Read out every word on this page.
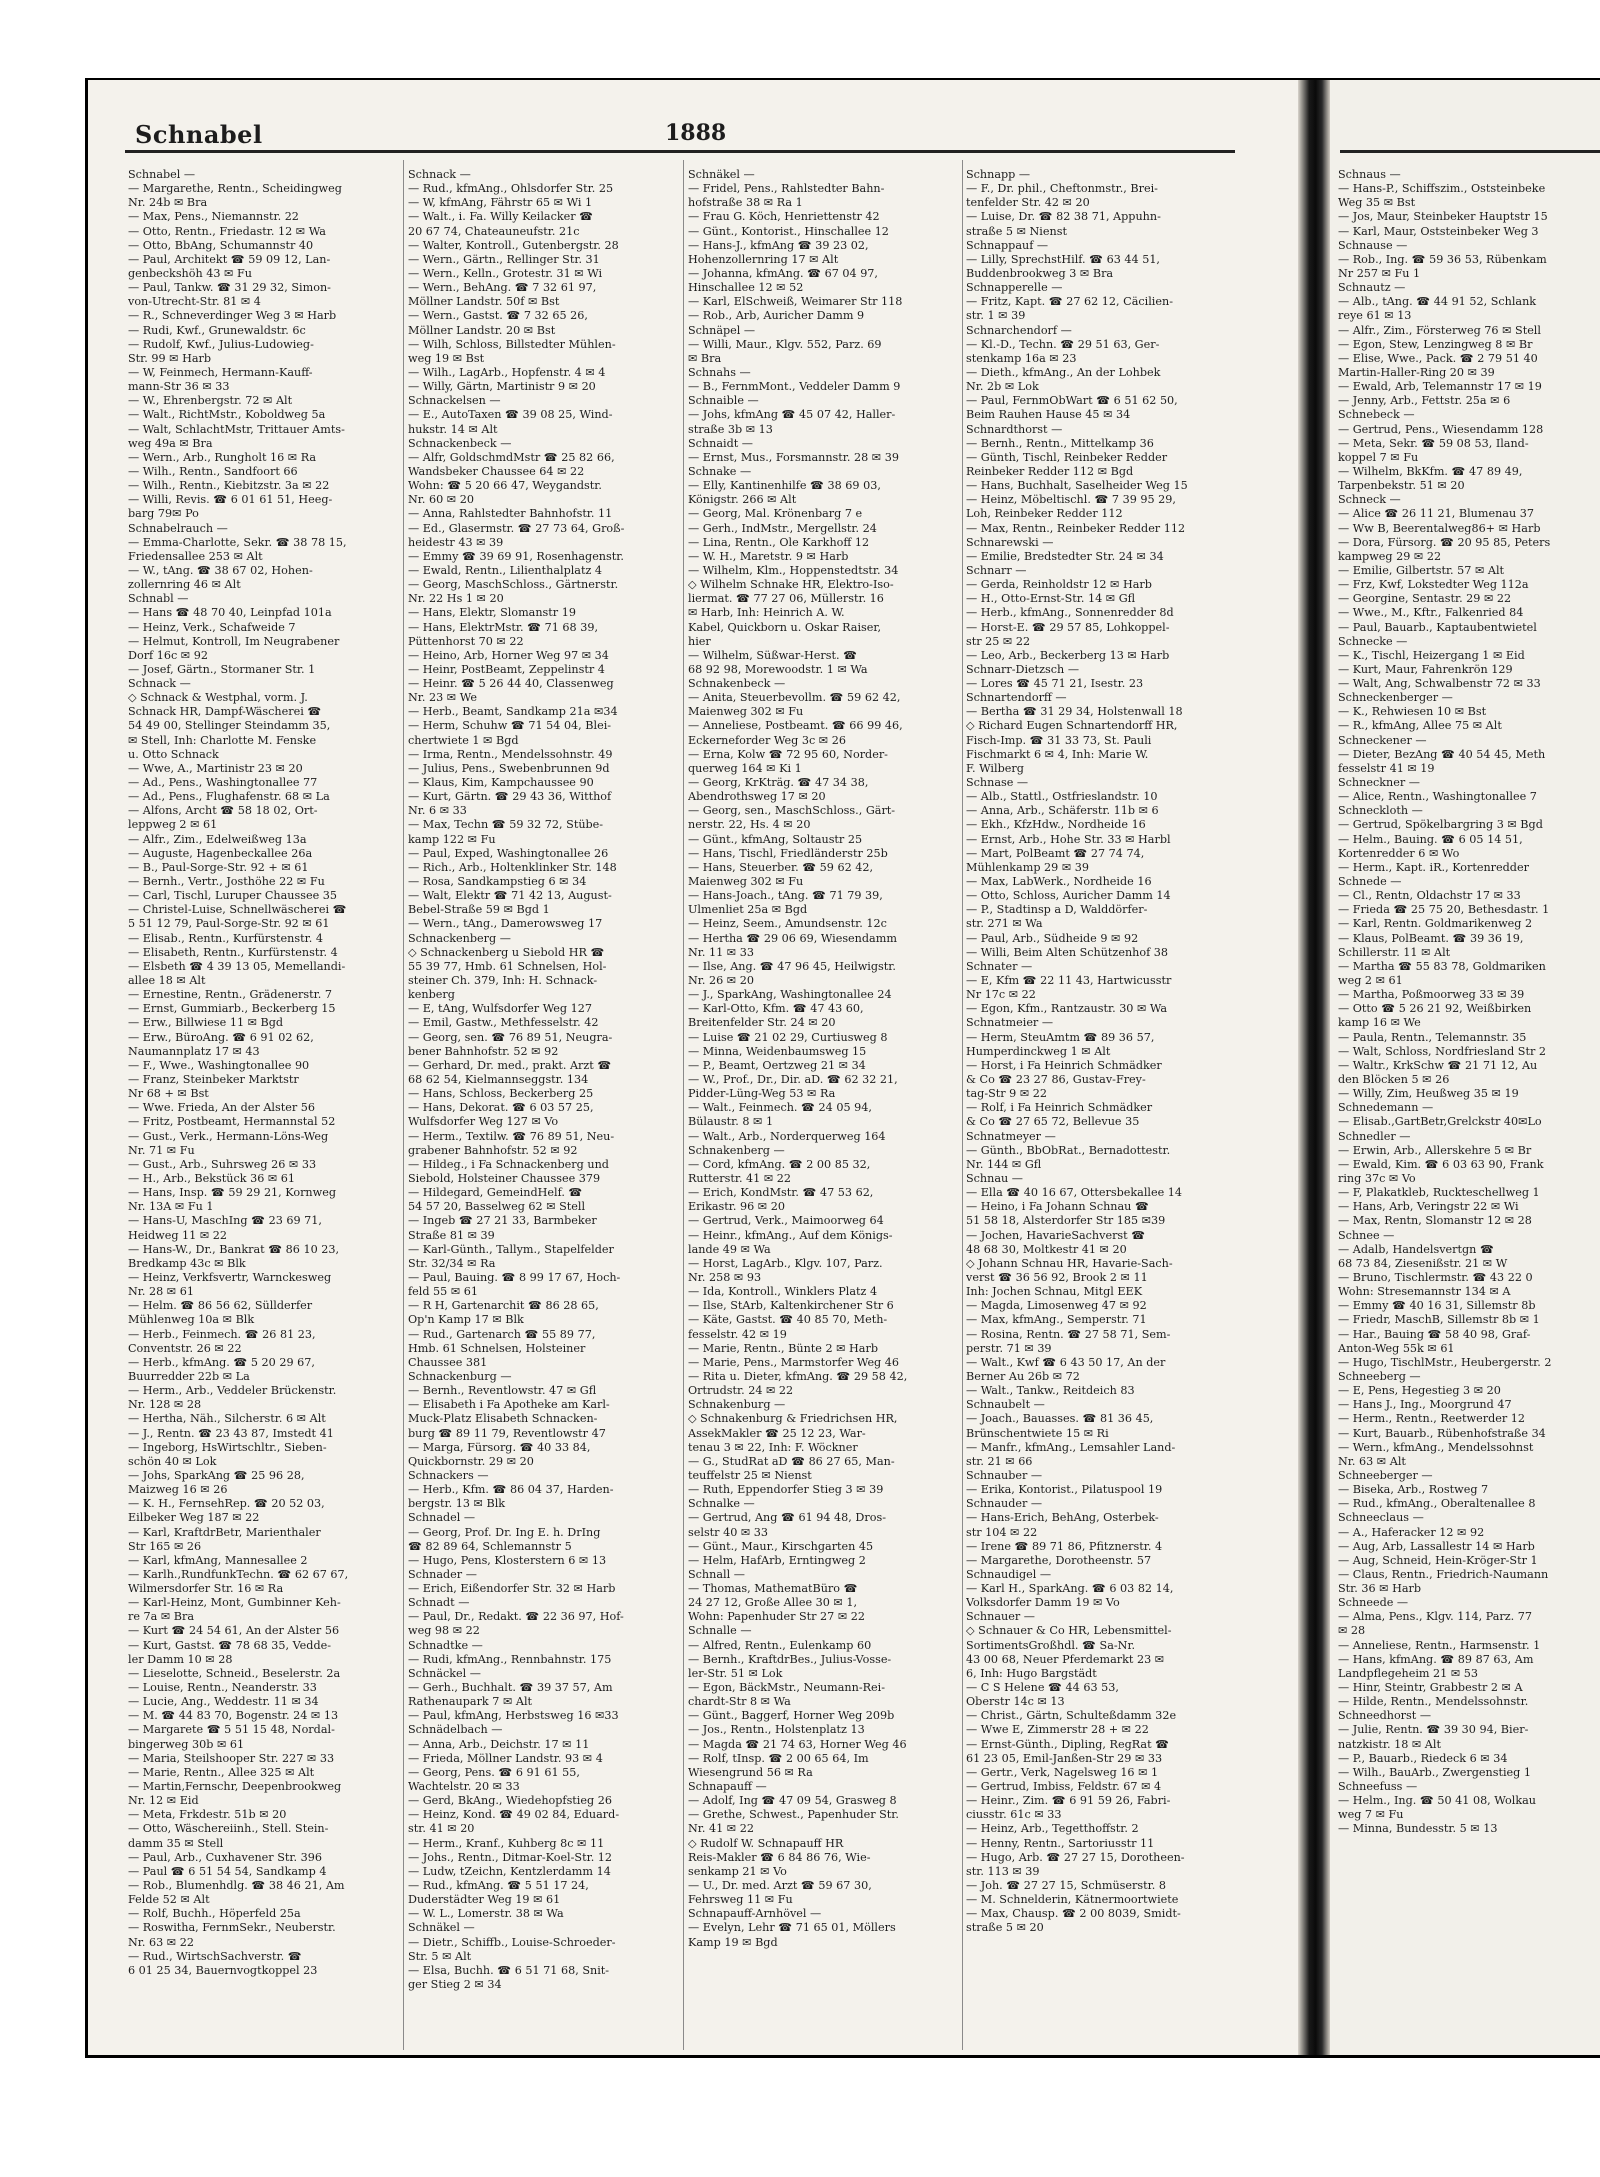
Schnabel	1888
Schnabel —
— Margarethe, Rentn., Scheidingweg
Nr. 24b ✉ Bra
— Max, Pens., Niemannstr. 22
— Otto, Rentn., Friedastr. 12 ✉ Wa
— Otto, BbAng, Schumannstr 40
— Paul, Architekt ☎ 59 09 12, Lan-
genbeckshöh 43 ✉ Fu
— Paul, Tankw. ☎ 31 29 32, Simon-
von-Utrecht-Str. 81 ✉ 4
— R., Schneverdinger Weg 3 ✉ Harb
— Rudi, Kwf., Grunewaldstr. 6c
— Rudolf, Kwf., Julius-Ludowieg-
Str. 99 ✉ Harb
— W, Feinmech, Hermann-Kauff-
mann-Str 36 ✉ 33
— W., Ehrenbergstr. 72 ✉ Alt
— Walt., RichtMstr., Koboldweg 5a
— Walt, SchlachtMstr, Trittauer Amts-
weg 49a ✉ Bra
— Wern., Arb., Rungholt 16 ✉ Ra
— Wilh., Rentn., Sandfoort 66
— Wilh., Rentn., Kiebitzstr. 3a ✉ 22
— Willi, Revis. ☎ 6 01 61 51, Heeg-
barg 79✉ Po
Schnabelrauch —
— Emma-Charlotte, Sekr. ☎ 38 78 15,
Friedensallee 253 ✉ Alt
— W., tAng. ☎ 38 67 02, Hohen-
zollernring 46 ✉ Alt
Schnabl —
— Hans ☎ 48 70 40, Leinpfad 101a
— Heinz, Verk., Schafweide 7
— Helmut, Kontroll, Im Neugrabener
Dorf 16c ✉ 92
— Josef, Gärtn., Stormaner Str. 1
Schnack —
◇ Schnack & Westphal, vorm. J.
Schnack HR, Dampf-Wäscherei ☎
54 49 00, Stellinger Steindamm 35,
✉ Stell, Inh: Charlotte M. Fenske
u. Otto Schnack
— Wwe, A., Martinistr 23 ✉ 20
— Ad., Pens., Washingtonallee 77
— Ad., Pens., Flughafenstr. 68 ✉ La
— Alfons, Archt ☎ 58 18 02, Ort-
leppweg 2 ✉ 61
— Alfr., Zim., Edelweißweg 13a
— Auguste, Hagenbeckallee 26a
— B., Paul-Sorge-Str. 92 + ✉ 61
— Bernh., Vertr., Josthöhe 22 ✉ Fu
— Carl, Tischl, Luruper Chaussee 35
— Christel-Luise, Schnellwäscherei ☎
5 51 12 79, Paul-Sorge-Str. 92 ✉ 61
— Elisab., Rentn., Kurfürstenstr. 4
— Elisabeth, Rentn., Kurfürstenstr. 4
— Elsbeth ☎ 4 39 13 05, Memellandi-
allee 18 ✉ Alt
— Ernestine, Rentn., Grädenerstr. 7
— Ernst, Gummiarb., Beckerberg 15
— Erw., Billwiese 11 ✉ Bgd
— Erw., BüroAng. ☎ 6 91 02 62,
Naumannplatz 17 ✉ 43
— F., Wwe., Washingtonallee 90
— Franz, Steinbeker Marktstr
Nr 68 + ✉ Bst
— Wwe. Frieda, An der Alster 56
— Fritz, Postbeamt, Hermannstal 52
— Gust., Verk., Hermann-Löns-Weg
Nr. 71 ✉ Fu
— Gust., Arb., Suhrsweg 26 ✉ 33
— H., Arb., Bekstück 36 ✉ 61
— Hans, Insp. ☎ 59 29 21, Kornweg
Nr. 13A ✉ Fu 1
— Hans-U, MaschIng ☎ 23 69 71,
Heidweg 11 ✉ 22
— Hans-W., Dr., Bankrat ☎ 86 10 23,
Bredkamp 43c ✉ Blk
— Heinz, Verkfsvertr, Warnckesweg
Nr. 28 ✉ 61
— Helm. ☎ 86 56 62, Süllderfer
Mühlenweg 10a ✉ Blk
— Herb., Feinmech. ☎ 26 81 23,
Conventstr. 26 ✉ 22
— Herb., kfmAng. ☎ 5 20 29 67,
Buurredder 22b ✉ La
— Herm., Arb., Veddeler Brückenstr.
Nr. 128 ✉ 28
— Hertha, Näh., Silcherstr. 6 ✉ Alt
— J., Rentn. ☎ 23 43 87, Imstedt 41
— Ingeborg, HsWirtschltr., Sieben-
schön 40 ✉ Lok
— Johs, SparkAng ☎ 25 96 28,
Maizweg 16 ✉ 26
— K. H., FernsehRep. ☎ 20 52 03,
Eilbeker Weg 187 ✉ 22
— Karl, KraftdrBetr, Marienthaler
Str 165 ✉ 26
— Karl, kfmAng, Mannesallee 2
— Karlh.,RundfunkTechn. ☎ 62 67 67,
Wilmersdorfer Str. 16 ✉ Ra
— Karl-Heinz, Mont, Gumbinner Keh-
re 7a ✉ Bra
— Kurt ☎ 24 54 61, An der Alster 56
— Kurt, Gastst. ☎ 78 68 35, Vedde-
ler Damm 10 ✉ 28
— Lieselotte, Schneid., Beselerstr. 2a
— Louise, Rentn., Neanderstr. 33
— Lucie, Ang., Weddestr. 11 ✉ 34
— M. ☎ 44 83 70, Bogenstr. 24 ✉ 13
— Margarete ☎ 5 51 15 48, Nordal-
bingerweg 30b ✉ 61
— Maria, Steilshooper Str. 227 ✉ 33
— Marie, Rentn., Allee 325 ✉ Alt
— Martin,Fernschr, Deepenbrookweg
Nr. 12 ✉ Eid
— Meta, Frkdestr. 51b ✉ 20
— Otto, Wäschereiinh., Stell. Stein-
damm 35 ✉ Stell
— Paul, Arb., Cuxhavener Str. 396
— Paul ☎ 6 51 54 54, Sandkamp 4
— Rob., Blumenhdlg. ☎ 38 46 21, Am
Felde 52 ✉ Alt
— Rolf, Buchh., Höperfeld 25a
— Roswitha, FernmSekr., Neuberstr.
Nr. 63 ✉ 22
— Rud., WirtschSachverstr. ☎
6 01 25 34, Bauernvogtkoppel 23
Schnack —
— Rud., kfmAng., Ohlsdorfer Str. 25
— W, kfmAng, Fährstr 65 ✉ Wi 1
— Walt., i. Fa. Willy Keilacker ☎
20 67 74, Chateauneufstr. 21c
— Walter, Kontroll., Gutenbergstr. 28
— Wern., Gärtn., Rellinger Str. 31
— Wern., Kelln., Grotestr. 31 ✉ Wi
— Wern., BehAng. ☎ 7 32 61 97,
Möllner Landstr. 50f ✉ Bst
— Wern., Gastst. ☎ 7 32 65 26,
Möllner Landstr. 20 ✉ Bst
— Wilh, Schloss, Billstedter Mühlen-
weg 19 ✉ Bst
— Wilh., LagArb., Hopfenstr. 4 ✉ 4
— Willy, Gärtn, Martinistr 9 ✉ 20
Schnackelsen —
— E., AutoTaxen ☎ 39 08 25, Wind-
hukstr. 14 ✉ Alt
Schnackenbeck —
— Alfr, GoldschmdMstr ☎ 25 82 66,
Wandsbeker Chaussee 64 ✉ 22
Wohn: ☎ 5 20 66 47, Weygandstr.
Nr. 60 ✉ 20
— Anna, Rahlstedter Bahnhofstr. 11
— Ed., Glasermstr. ☎ 27 73 64, Groß-
heidestr 43 ✉ 39
— Emmy ☎ 39 69 91, Rosenhagenstr.
— Ewald, Rentn., Lilienthalplatz 4
— Georg, MaschSchloss., Gärtnerstr.
Nr. 22 Hs 1 ✉ 20
— Hans, Elektr, Slomanstr 19
— Hans, ElektrMstr. ☎ 71 68 39,
Püttenhorst 70 ✉ 22
— Heino, Arb, Horner Weg 97 ✉ 34
— Heinr, PostBeamt, Zeppelinstr 4
— Heinr. ☎ 5 26 44 40, Classenweg
Nr. 23 ✉ We
— Herb., Beamt, Sandkamp 21a ✉34
— Herm, Schuhw ☎ 71 54 04, Blei-
chertwiete 1 ✉ Bgd
— Irma, Rentn., Mendelssohnstr. 49
— Julius, Pens., Swebenbrunnen 9d
— Klaus, Kim, Kampchaussee 90
— Kurt, Gärtn. ☎ 29 43 36, Witthof
Nr. 6 ✉ 33
— Max, Techn ☎ 59 32 72, Stübe-
kamp 122 ✉ Fu
— Paul, Exped, Washingtonallee 26
— Rich., Arb., Holtenklinker Str. 148
— Rosa, Sandkampstieg 6 ✉ 34
— Walt, Elektr ☎ 71 42 13, August-
Bebel-Straße 59 ✉ Bgd 1
— Wern., tAng., Damerowsweg 17
Schnackenberg —
◇ Schnackenberg u Siebold HR ☎
55 39 77, Hmb. 61 Schnelsen, Hol-
steiner Ch. 379, Inh: H. Schnack-
kenberg
— E, tAng, Wulfsdorfer Weg 127
— Emil, Gastw., Methfesselstr. 42
— Georg, sen. ☎ 76 89 51, Neugra-
bener Bahnhofstr. 52 ✉ 92
— Gerhard, Dr. med., prakt. Arzt ☎
68 62 54, Kielmannseggstr. 134
— Hans, Schloss, Beckerberg 25
— Hans, Dekorat. ☎ 6 03 57 25,
Wulfsdorfer Weg 127 ✉ Vo
— Herm., Textilw. ☎ 76 89 51, Neu-
grabener Bahnhofstr. 52 ✉ 92
— Hildeg., i Fa Schnackenberg und
Siebold, Holsteiner Chaussee 379
— Hildegard, GemeindHelf. ☎
54 57 20, Basselweg 62 ✉ Stell
— Ingeb ☎ 27 21 33, Barmbeker
Straße 81 ✉ 39
— Karl-Günth., Tallym., Stapelfelder
Str. 32/34 ✉ Ra
— Paul, Bauing. ☎ 8 99 17 67, Hoch-
feld 55 ✉ 61
— R H, Gartenarchit ☎ 86 28 65,
Op'n Kamp 17 ✉ Blk
— Rud., Gartenarch ☎ 55 89 77,
Hmb. 61 Schnelsen, Holsteiner
Chaussee 381
Schnackenburg —
— Bernh., Reventlowstr. 47 ✉ Gfl
— Elisabeth i Fa Apotheke am Karl-
Muck-Platz Elisabeth Schnacken-
burg ☎ 89 11 79, Reventlowstr 47
— Marga, Fürsorg. ☎ 40 33 84,
Quickbornstr. 29 ✉ 20
Schnackers —
— Herb., Kfm. ☎ 86 04 37, Harden-
bergstr. 13 ✉ Blk
Schnadel —
— Georg, Prof. Dr. Ing E. h. DrIng
☎ 82 89 64, Schlemannstr 5
— Hugo, Pens, Klosterstern 6 ✉ 13
Schnader —
— Erich, Eißendorfer Str. 32 ✉ Harb
Schnadt —
— Paul, Dr., Redakt. ☎ 22 36 97, Hof-
weg 98 ✉ 22
Schnadtke —
— Rudi, kfmAng., Rennbahnstr. 175
Schnäckel —
— Gerh., Buchhalt. ☎ 39 37 57, Am
Rathenaupark 7 ✉ Alt
— Paul, kfmAng, Herbstsweg 16 ✉33
Schnädelbach —
— Anna, Arb., Deichstr. 17 ✉ 11
— Frieda, Möllner Landstr. 93 ✉ 4
— Georg, Pens. ☎ 6 91 61 55,
Wachtelstr. 20 ✉ 33
— Gerd, BkAng., Wiedehopfstieg 26
— Heinz, Kond. ☎ 49 02 84, Eduard-
str. 41 ✉ 20
— Herm., Kranf., Kuhberg 8c ✉ 11
— Johs., Rentn., Ditmar-Koel-Str. 12
— Ludw, tZeichn, Kentzlerdamm 14
— Rud., kfmAng. ☎ 5 51 17 24,
Duderstädter Weg 19 ✉ 61
— W. L., Lomerstr. 38 ✉ Wa
Schnäkel —
— Dietr., Schiffb., Louise-Schroeder-
Str. 5 ✉ Alt
— Elsa, Buchh. ☎ 6 51 71 68, Snit-
ger Stieg 2 ✉ 34
Schnäkel —
— Fridel, Pens., Rahlstedter Bahn-
hofstraße 38 ✉ Ra 1
— Frau G. Köch, Henriettenstr 42
— Günt., Kontorist., Hinschallee 12
— Hans-J., kfmAng ☎ 39 23 02,
Hohenzollernring 17 ✉ Alt
— Johanna, kfmAng. ☎ 67 04 97,
Hinschallee 12 ✉ 52
— Karl, ElSchweiß, Weimarer Str 118
— Rob., Arb, Auricher Damm 9
Schnäpel —
— Willi, Maur., Klgv. 552, Parz. 69
✉ Bra
Schnahs —
— B., FernmMont., Veddeler Damm 9
Schnaible —
— Johs, kfmAng ☎ 45 07 42, Haller-
straße 3b ✉ 13
Schnaidt —
— Ernst, Mus., Forsmannstr. 28 ✉ 39
Schnake —
— Elly, Kantinenhilfe ☎ 38 69 03,
Königstr. 266 ✉ Alt
— Georg, Mal. Krönenbarg 7 e
— Gerh., IndMstr., Mergellstr. 24
— Lina, Rentn., Ole Karkhoff 12
— W. H., Maretstr. 9 ✉ Harb
— Wilhelm, Klm., Hoppenstedtstr. 34
◇ Wilhelm Schnake HR, Elektro-Iso-
liermat. ☎ 77 27 06, Müllerstr. 16
✉ Harb, Inh: Heinrich A. W.
Kabel, Quickborn u. Oskar Raiser,
hier
— Wilhelm, Süßwar-Herst. ☎
68 92 98, Morewoodstr. 1 ✉ Wa
Schnakenbeck —
— Anita, Steuerbevollm. ☎ 59 62 42,
Maienweg 302 ✉ Fu
— Anneliese, Postbeamt. ☎ 66 99 46,
Eckerneforder Weg 3c ✉ 26
— Erna, Kolw ☎ 72 95 60, Norder-
querweg 164 ✉ Ki 1
— Georg, KrKträg. ☎ 47 34 38,
Abendrothsweg 17 ✉ 20
— Georg, sen., MaschSchloss., Gärt-
nerstr. 22, Hs. 4 ✉ 20
— Günt., kfmAng, Soltaustr 25
— Hans, Tischl, Friedländerstr 25b
— Hans, Steuerber. ☎ 59 62 42,
Maienweg 302 ✉ Fu
— Hans-Joach., tAng. ☎ 71 79 39,
Ulmenliet 25a ✉ Bgd
— Heinz, Seem., Amundsenstr. 12c
— Hertha ☎ 29 06 69, Wiesendamm
Nr. 11 ✉ 33
— Ilse, Ang. ☎ 47 96 45, Heilwigstr.
Nr. 26 ✉ 20
— J., SparkAng, Washingtonallee 24
— Karl-Otto, Kfm. ☎ 47 43 60,
Breitenfelder Str. 24 ✉ 20
— Luise ☎ 21 02 29, Curtiusweg 8
— Minna, Weidenbaumsweg 15
— P., Beamt, Oertzweg 21 ✉ 34
— W., Prof., Dr., Dir. aD. ☎ 62 32 21,
Pidder-Lüng-Weg 53 ✉ Ra
— Walt., Feinmech. ☎ 24 05 94,
Bülaustr. 8 ✉ 1
— Walt., Arb., Norderquerweg 164
Schnakenberg —
— Cord, kfmAng. ☎ 2 00 85 32,
Rutterstr. 41 ✉ 22
— Erich, KondMstr. ☎ 47 53 62,
Erikastr. 96 ✉ 20
— Gertrud, Verk., Maimoorweg 64
— Heinr., kfmAng., Auf dem Königs-
lande 49 ✉ Wa
— Horst, LagArb., Klgv. 107, Parz.
Nr. 258 ✉ 93
— Ida, Kontroll., Winklers Platz 4
— Ilse, StArb, Kaltenkirchener Str 6
— Käte, Gastst. ☎ 40 85 70, Meth-
fesselstr. 42 ✉ 19
— Marie, Rentn., Bünte 2 ✉ Harb
— Marie, Pens., Marmstorfer Weg 46
— Rita u. Dieter, kfmAng. ☎ 29 58 42,
Ortrudstr. 24 ✉ 22
Schnakenburg —
◇ Schnakenburg & Friedrichsen HR,
AssekMakler ☎ 25 12 23, War-
tenau 3 ✉ 22, Inh: F. Wöckner
— G., StudRat aD ☎ 86 27 65, Man-
teuffelstr 25 ✉ Nienst
— Ruth, Eppendorfer Stieg 3 ✉ 39
Schnalke —
— Gertrud, Ang ☎ 61 94 48, Dros-
selstr 40 ✉ 33
— Günt., Maur., Kirschgarten 45
— Helm, HafArb, Erntingweg 2
Schnall —
— Thomas, MathematBüro ☎
24 27 12, Große Allee 30 ✉ 1,
Wohn: Papenhuder Str 27 ✉ 22
Schnalle —
— Alfred, Rentn., Eulenkamp 60
— Bernh., KraftdrBes., Julius-Vosse-
ler-Str. 51 ✉ Lok
— Egon, BäckMstr., Neumann-Rei-
chardt-Str 8 ✉ Wa
— Günt., Baggerf, Horner Weg 209b
— Jos., Rentn., Holstenplatz 13
— Magda ☎ 21 74 63, Horner Weg 46
— Rolf, tInsp. ☎ 2 00 65 64, Im
Wiesengrund 56 ✉ Ra
Schnapauff —
— Adolf, Ing ☎ 47 09 54, Grasweg 8
— Grethe, Schwest., Papenhuder Str.
Nr. 41 ✉ 22
◇ Rudolf W. Schnapauff HR
Reis-Makler ☎ 6 84 86 76, Wie-
senkamp 21 ✉ Vo
— U., Dr. med. Arzt ☎ 59 67 30,
Fehrsweg 11 ✉ Fu
Schnapauff-Arnhövel —
— Evelyn, Lehr ☎ 71 65 01, Möllers
Kamp 19 ✉ Bgd
Schnapp —
— F., Dr. phil., Cheftonmstr., Brei-
tenfelder Str. 42 ✉ 20
— Luise, Dr. ☎ 82 38 71, Appuhn-
straße 5 ✉ Nienst
Schnappauf —
— Lilly, SprechstHilf. ☎ 63 44 51,
Buddenbrookweg 3 ✉ Bra
Schnapperelle —
— Fritz, Kapt. ☎ 27 62 12, Cäcilien-
str. 1 ✉ 39
Schnarchendorf —
— Kl.-D., Techn. ☎ 29 51 63, Ger-
stenkamp 16a ✉ 23
— Dieth., kfmAng., An der Lohbek
Nr. 2b ✉ Lok
— Paul, FernmObWart ☎ 6 51 62 50,
Beim Rauhen Hause 45 ✉ 34
Schnardthorst —
— Bernh., Rentn., Mittelkamp 36
— Günth, Tischl, Reinbeker Redder
Reinbeker Redder 112 ✉ Bgd
— Hans, Buchhalt, Saselheider Weg 15
— Heinz, Möbeltischl. ☎ 7 39 95 29,
Loh, Reinbeker Redder 112
— Max, Rentn., Reinbeker Redder 112
Schnarewski —
— Emilie, Bredstedter Str. 24 ✉ 34
Schnarr —
— Gerda, Reinholdstr 12 ✉ Harb
— H., Otto-Ernst-Str. 14 ✉ Gfl
— Herb., kfmAng., Sonnenredder 8d
— Horst-E. ☎ 29 57 85, Lohkoppel-
str 25 ✉ 22
— Leo, Arb., Beckerberg 13 ✉ Harb
Schnarr-Dietzsch —
— Lores ☎ 45 71 21, Isestr. 23
Schnartendorff —
— Bertha ☎ 31 29 34, Holstenwall 18
◇ Richard Eugen Schnartendorff HR,
Fisch-Imp. ☎ 31 33 73, St. Pauli
Fischmarkt 6 ✉ 4, Inh: Marie W.
F. Wilberg
Schnase —
— Alb., Stattl., Ostfrieslandstr. 10
— Anna, Arb., Schäferstr. 11b ✉ 6
— Ekh., KfzHdw., Nordheide 16
— Ernst, Arb., Hohe Str. 33 ✉ Harbl
— Mart, PolBeamt ☎ 27 74 74,
Mühlenkamp 29 ✉ 39
— Max, LabWerk., Nordheide 16
— Otto, Schloss, Auricher Damm 14
— P., Stadtinsp a D, Walddörfer-
str. 271 ✉ Wa
— Paul, Arb., Südheide 9 ✉ 92
— Willi, Beim Alten Schützenhof 38
Schnater —
— E, Kfm ☎ 22 11 43, Hartwicusstr
Nr 17c ✉ 22
— Egon, Kfm., Rantzaustr. 30 ✉ Wa
Schnatmeier —
— Herm, SteuAmtm ☎ 89 36 57,
Humperdinckweg 1 ✉ Alt
— Horst, i Fa Heinrich Schmädker
& Co ☎ 23 27 86, Gustav-Frey-
tag-Str 9 ✉ 22
— Rolf, i Fa Heinrich Schmädker
& Co ☎ 27 65 72, Bellevue 35
Schnatmeyer —
— Günth., BbObRat., Bernadottestr.
Nr. 144 ✉ Gfl
Schnau —
— Ella ☎ 40 16 67, Ottersbekallee 14
— Heino, i Fa Johann Schnau ☎
51 58 18, Alsterdorfer Str 185 ✉39
— Jochen, HavarieSachverst ☎
48 68 30, Moltkestr 41 ✉ 20
◇ Johann Schnau HR, Havarie-Sach-
verst ☎ 36 56 92, Brook 2 ✉ 11
Inh: Jochen Schnau, Mitgl EEK
— Magda, Limosenweg 47 ✉ 92
— Max, kfmAng., Semperstr. 71
— Rosina, Rentn. ☎ 27 58 71, Sem-
perstr. 71 ✉ 39
— Walt., Kwf ☎ 6 43 50 17, An der
Berner Au 26b ✉ 72
— Walt., Tankw., Reitdeich 83
Schnaubelt —
— Joach., Bauasses. ☎ 81 36 45,
Brünschentwiete 15 ✉ Ri
— Manfr., kfmAng., Lemsahler Land-
str. 21 ✉ 66
Schnauber —
— Erika, Kontorist., Pilatuspool 19
Schnauder —
— Hans-Erich, BehAng, Osterbek-
str 104 ✉ 22
— Irene ☎ 89 71 86, Pfitznerstr. 4
— Margarethe, Dorotheenstr. 57
Schnaudigel —
— Karl H., SparkAng. ☎ 6 03 82 14,
Volksdorfer Damm 19 ✉ Vo
Schnauer —
◇ Schnauer & Co HR, Lebensmittel-
SortimentsGroßhdl. ☎ Sa-Nr.
43 00 68, Neuer Pferdemarkt 23 ✉
6, Inh: Hugo Bargstädt
— C S Helene ☎ 44 63 53,
Oberstr 14c ✉ 13
— Christ., Gärtn, Schulteßdamm 32e
— Wwe E, Zimmerstr 28 + ✉ 22
— Ernst-Günth., Dipling, RegRat ☎
61 23 05, Emil-Janßen-Str 29 ✉ 33
— Gertr., Verk, Nagelsweg 16 ✉ 1
— Gertrud, Imbiss, Feldstr. 67 ✉ 4
— Heinr., Zim. ☎ 6 91 59 26, Fabri-
ciusstr. 61c ✉ 33
— Heinz, Arb., Tegetthoffstr. 2
— Henny, Rentn., Sartoriusstr 11
— Hugo, Arb. ☎ 27 27 15, Dorotheen-
str. 113 ✉ 39
— Joh. ☎ 27 27 15, Schmüserstr. 8
— M. Schnelderin, Kätnermoortwiete
— Max, Chausp. ☎ 2 00 8039, Smidt-
straße 5 ✉ 20
Schnaus —
— Hans-P., Schiffszim., Oststeinbeke
Weg 35 ✉ Bst
— Jos, Maur, Steinbeker Hauptstr 15
— Karl, Maur, Oststeinbeker Weg 3
Schnause —
— Rob., Ing. ☎ 59 36 53, Rübenkam
Nr 257 ✉ Fu 1
Schnautz —
— Alb., tAng. ☎ 44 91 52, Schlank
reye 61 ✉ 13
— Alfr., Zim., Försterweg 76 ✉ Stell
— Egon, Stew, Lenzingweg 8 ✉ Br
— Elise, Wwe., Pack. ☎ 2 79 51 40
Martin-Haller-Ring 20 ✉ 39
— Ewald, Arb, Telemannstr 17 ✉ 19
— Jenny, Arb., Fettstr. 25a ✉ 6
Schnebeck —
— Gertrud, Pens., Wiesendamm 128
— Meta, Sekr. ☎ 59 08 53, Iland-
koppel 7 ✉ Fu
— Wilhelm, BkKfm. ☎ 47 89 49,
Tarpenbekstr. 51 ✉ 20
Schneck —
— Alice ☎ 26 11 21, Blumenau 37
— Ww B, Beerentalweg86+ ✉ Harb
— Dora, Fürsorg. ☎ 20 95 85, Peters
kampweg 29 ✉ 22
— Emilie, Gilbertstr. 57 ✉ Alt
— Frz, Kwf, Lokstedter Weg 112a
— Georgine, Sentastr. 29 ✉ 22
— Wwe., M., Kftr., Falkenried 84
— Paul, Bauarb., Kaptaubentwietel
Schnecke —
— K., Tischl, Heizergang 1 ✉ Eid
— Kurt, Maur, Fahrenkrön 129
— Walt, Ang, Schwalbenstr 72 ✉ 33
Schneckenberger —
— K., Rehwiesen 10 ✉ Bst
— R., kfmAng, Allee 75 ✉ Alt
Schneckener —
— Dieter, BezAng ☎ 40 54 45, Meth
fesselstr 41 ✉ 19
Schneckner —
— Alice, Rentn., Washingtonallee 7
Schneckloth —
— Gertrud, Spökelbargring 3 ✉ Bgd
— Helm., Bauing. ☎ 6 05 14 51,
Kortenredder 6 ✉ Wo
— Herm., Kapt. iR., Kortenredder
Schnede —
— Cl., Rentn, Oldachstr 17 ✉ 33
— Frieda ☎ 25 75 20, Bethesdastr. 1
— Karl, Rentn. Goldmarikenweg 2
— Klaus, PolBeamt. ☎ 39 36 19,
Schillerstr. 11 ✉ Alt
— Martha ☎ 55 83 78, Goldmariken
weg 2 ✉ 61
— Martha, Poßmoorweg 33 ✉ 39
— Otto ☎ 5 26 21 92, Weißbirken
kamp 16 ✉ We
— Paula, Rentn., Telemannstr. 35
— Walt, Schloss, Nordfriesland Str 2
— Waltr., KrkSchw ☎ 21 71 12, Au
den Blöcken 5 ✉ 26
— Willy, Zim, Heußweg 35 ✉ 19
Schnedemann —
— Elisab.,GartBetr,Grelckstr 40✉Lo
Schnedler —
— Erwin, Arb., Allerskehre 5 ✉ Br
— Ewald, Kim. ☎ 6 03 63 90, Frank
ring 37c ✉ Vo
— F, Plakatkleb, Ruckteschellweg 1
— Hans, Arb, Veringstr 22 ✉ Wi
— Max, Rentn, Slomanstr 12 ✉ 28
Schnee —
— Adalb, Handelsvertgn ☎
68 73 84, Ziesenißstr. 21 ✉ W
— Bruno, Tischlermstr. ☎ 43 22 0
Wohn: Stresemannstr 134 ✉ A
— Emmy ☎ 40 16 31, Sillemstr 8b
— Friedr, MaschB, Sillemstr 8b ✉ 1
— Har., Bauing ☎ 58 40 98, Graf-
Anton-Weg 55k ✉ 61
— Hugo, TischlMstr., Heubergerstr. 2
Schneeberg —
— E, Pens, Hegestieg 3 ✉ 20
— Hans J., Ing., Moorgrund 47
— Herm., Rentn., Reetwerder 12
— Kurt, Bauarb., Rübenhofstraße 34
— Wern., kfmAng., Mendelssohnst
Nr. 63 ✉ Alt
Schneeberger —
— Biseka, Arb., Rostweg 7
— Rud., kfmAng., Oberaltenallee 8
Schneeclaus —
— A., Haferacker 12 ✉ 92
— Aug, Arb, Lassallestr 14 ✉ Harb
— Aug, Schneid, Hein-Kröger-Str 1
— Claus, Rentn., Friedrich-Naumann
Str. 36 ✉ Harb
Schneede —
— Alma, Pens., Klgv. 114, Parz. 77
✉ 28
— Anneliese, Rentn., Harmsenstr. 1
— Hans, kfmAng. ☎ 89 87 63, Am
Landpflegeheim 21 ✉ 53
— Hinr, Steintr, Grabbestr 2 ✉ A
— Hilde, Rentn., Mendelssohnstr.
Schneedhorst —
— Julie, Rentn. ☎ 39 30 94, Bier-
natzkistr. 18 ✉ Alt
— P., Bauarb., Riedeck 6 ✉ 34
— Wilh., BauArb., Zwergenstieg 1
Schneefuss —
— Helm., Ing. ☎ 50 41 08, Wolkau
weg 7 ✉ Fu
— Minna, Bundesstr. 5 ✉ 13
